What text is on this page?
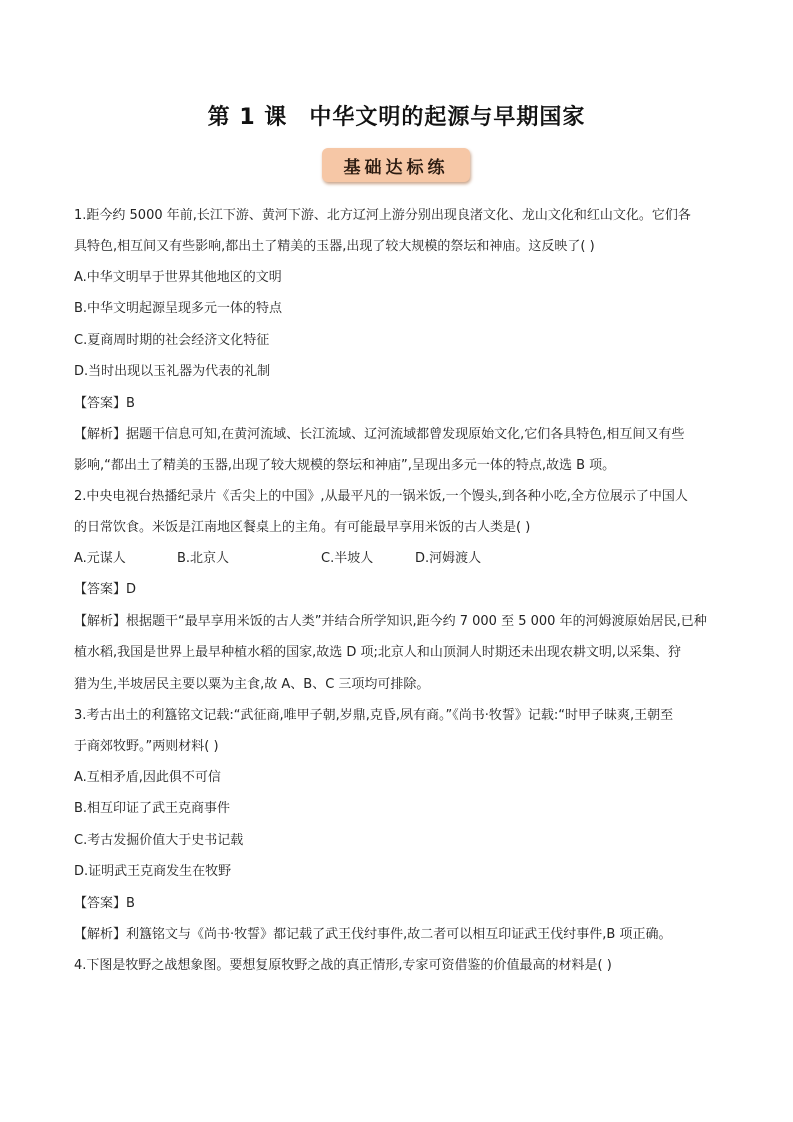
第 1 课 中华文明的起源与早期国家
基础达标练
1.距今约 5000 年前,长江下游、黄河下游、北方辽河上游分别出现良渚文化、龙山文化和红山文化。它们各
具特色,相互间又有些影响,都出土了精美的玉器,出现了较大规模的祭坛和神庙。这反映了( )
A.中华文明早于世界其他地区的文明
B.中华文明起源呈现多元一体的特点
C.夏商周时期的社会经济文化特征
D.当时出现以玉礼器为代表的礼制
【答案】B
【解析】据题干信息可知,在黄河流域、长江流域、辽河流域都曾发现原始文化,它们各具特色,相互间又有些
影响,“都出土了精美的玉器,出现了较大规模的祭坛和神庙”,呈现出多元一体的特点,故选 B 项。
2.中央电视台热播纪录片《舌尖上的中国》,从最平凡的一锅米饭,一个馒头,到各种小吃,全方位展示了中国人
的日常饮食。米饭是江南地区餐桌上的主角。有可能最早享用米饭的古人类是( )
A.元谋人	B.北京人	C.半坡人	D.河姆渡人
【答案】D
【解析】根据题干“最早享用米饭的古人类”并结合所学知识,距今约 7 000 至 5 000 年的河姆渡原始居民,已种
植水稻,我国是世界上最早种植水稻的国家,故选 D 项;北京人和山顶洞人时期还未出现农耕文明,以采集、狩
猎为生,半坡居民主要以粟为主食,故 A、B、C 三项均可排除。
3.考古出土的利簋铭文记载:“武征商,唯甲子朝,岁鼎,克昏,夙有商。”《尚书·牧誓》记载:“时甲子昧爽,王朝至
于商郊牧野。”两则材料( )
A.互相矛盾,因此俱不可信
B.相互印证了武王克商事件
C.考古发掘价值大于史书记载
D.证明武王克商发生在牧野
【答案】B
【解析】利簋铭文与《尚书·牧誓》都记载了武王伐纣事件,故二者可以相互印证武王伐纣事件,B 项正确。
4.下图是牧野之战想象图。要想复原牧野之战的真正情形,专家可资借鉴的价值最高的材料是( )
